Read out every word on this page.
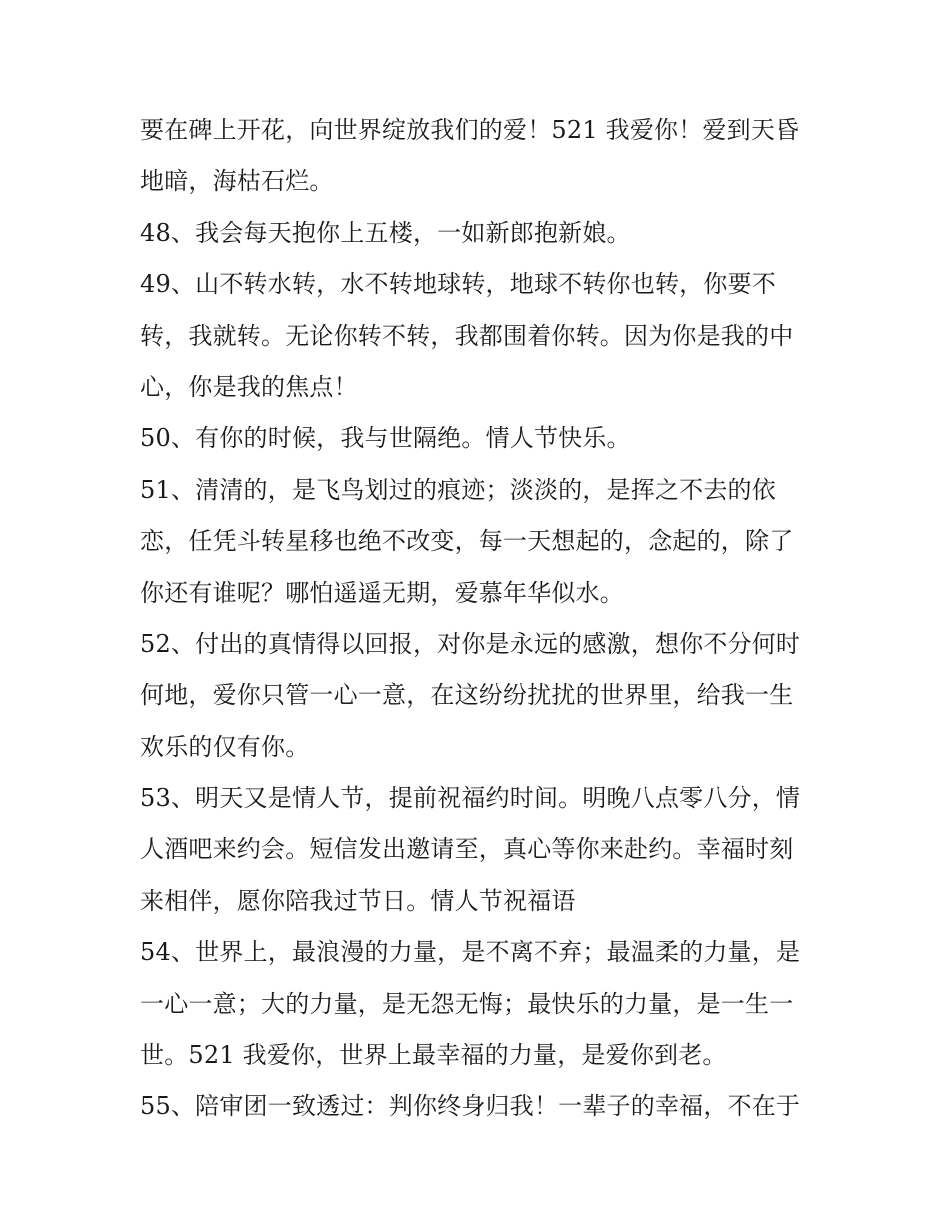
要在碑上开花，向世界绽放我们的爱！521 我爱你！爱到天昏
地暗，海枯石烂。
48、我会每天抱你上五楼，一如新郎抱新娘。
49、山不转水转，水不转地球转，地球不转你也转，你要不
转，我就转。无论你转不转，我都围着你转。因为你是我的中
心，你是我的焦点！
50、有你的时候，我与世隔绝。情人节快乐。
51、清清的，是飞鸟划过的痕迹；淡淡的，是挥之不去的依
恋，任凭斗转星移也绝不改变，每一天想起的，念起的，除了
你还有谁呢？哪怕遥遥无期，爱慕年华似水。
52、付出的真情得以回报，对你是永远的感激，想你不分何时
何地，爱你只管一心一意，在这纷纷扰扰的世界里，给我一生
欢乐的仅有你。
53、明天又是情人节，提前祝福约时间。明晚八点零八分，情
人酒吧来约会。短信发出邀请至，真心等你来赴约。幸福时刻
来相伴，愿你陪我过节日。情人节祝福语
54、世界上，最浪漫的力量，是不离不弃；最温柔的力量，是
一心一意；大的力量，是无怨无悔；最快乐的力量，是一生一
世。521 我爱你，世界上最幸福的力量，是爱你到老。
55、陪审团一致透过：判你终身归我！一辈子的幸福，不在于
